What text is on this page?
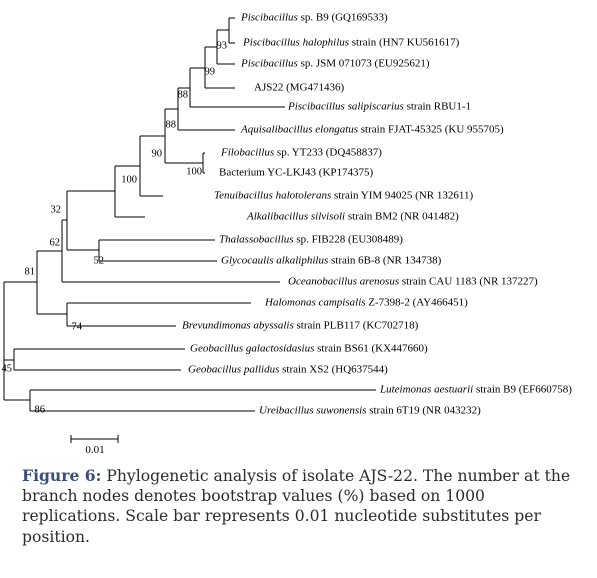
Piscibacillus sp. B9 (GQ169533)
Piscibacillus halophilus strain (HN7 KU561617)
Piscibacillus sp. JSM 071073 (EU925621)
AJS22 (MG471436)
Piscibacillus salipiscarius strain RBU1-1
Aquisalibacillus elongatus strain FJAT-45325 (KU 955705)
Filobacillus sp. YT233 (DQ458837)
Bacterium YC-LKJ43 (KP174375)
Tenuibacillus halotolerans strain YIM 94025 (NR 132611)
Alkalibacillus silvisoli strain BM2 (NR 041482)
Thalassobacillus sp. FIB228 (EU308489)
Glycocaulis alkaliphilus strain 6B-8 (NR 134738)
Oceanobacillus arenosus strain CAU 1183 (NR 137227)
Halomonas campisalis Z-7398-2 (AY466451)
Brevundimonas abyssalis strain PLB117 (KC702718)
Geobacillus galactosidasius strain BS61 (KX447660)
Geobacillus pallidus strain XS2 (HQ637544)
Luteimonas aestuarii strain B9 (EF660758)
Ureibacillus suwonensis strain 6T19 (NR 043232)
93
99
88
88
100
90
100
32
52
62
81
74
45
86
0.01
Figure 6: Phylogenetic analysis of isolate AJS-22. The number at the branch nodes denotes bootstrap values (%) based on 1000 replications. Scale bar represents 0.01 nucleotide substitutes per position.
